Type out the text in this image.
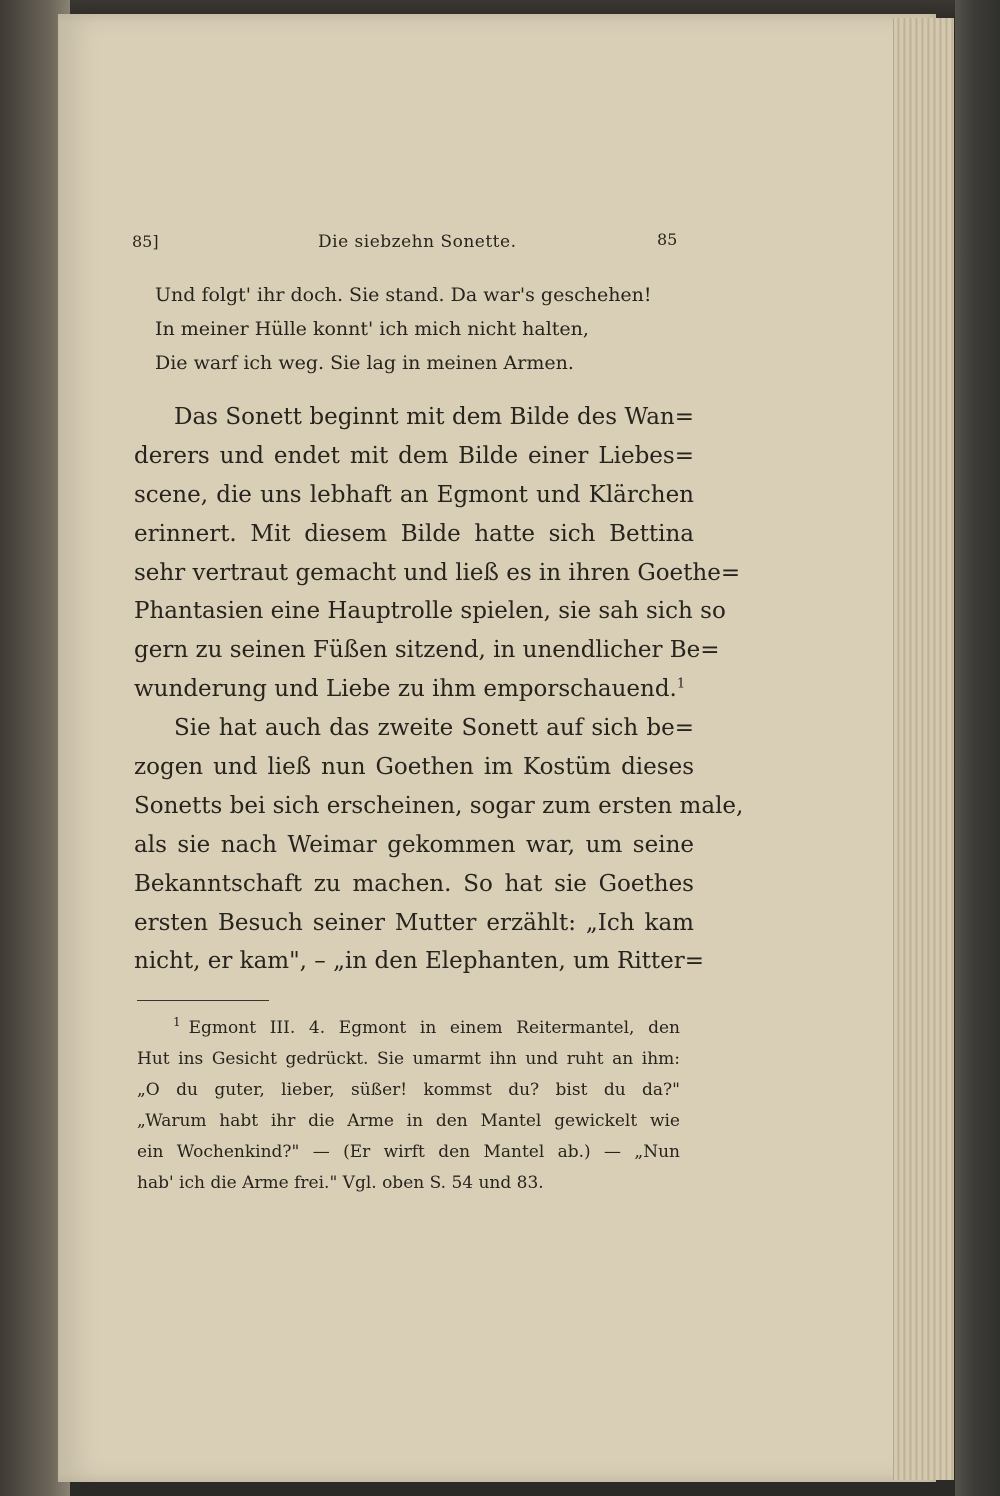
85]	Die siebzehn Sonette.	85
Und folgt' ihr doch. Sie stand. Da war's geschehen!
In meiner Hülle konnt' ich mich nicht halten,
Die warf ich weg. Sie lag in meinen Armen.
Das Sonett beginnt mit dem Bilde des Wan=
derers und endet mit dem Bilde einer Liebes=
scene, die uns lebhaft an Egmont und Klärchen
erinnert. Mit diesem Bilde hatte sich Bettina
sehr vertraut gemacht und ließ es in ihren Goethe=
Phantasien eine Hauptrolle spielen, sie sah sich so
gern zu seinen Füßen sitzend, in unendlicher Be=
wunderung und Liebe zu ihm emporschauend.$^1$
Sie hat auch das zweite Sonett auf sich be=
zogen und ließ nun Goethen im Kostüm dieses
Sonetts bei sich erscheinen, sogar zum ersten male,
als sie nach Weimar gekommen war, um seine
Bekanntschaft zu machen. So hat sie Goethes
ersten Besuch seiner Mutter erzählt: „Ich kam
nicht, er kam", – „in den Elephanten, um Ritter=
$^1$ Egmont III. 4. Egmont in einem Reitermantel, den
Hut ins Gesicht gedrückt. Sie umarmt ihn und ruht an ihm:
„O du guter, lieber, süßer! kommst du? bist du da?"
„Warum habt ihr die Arme in den Mantel gewickelt wie
ein Wochenkind?" — (Er wirft den Mantel ab.) — „Nun
hab' ich die Arme frei." Vgl. oben S. 54 und 83.
